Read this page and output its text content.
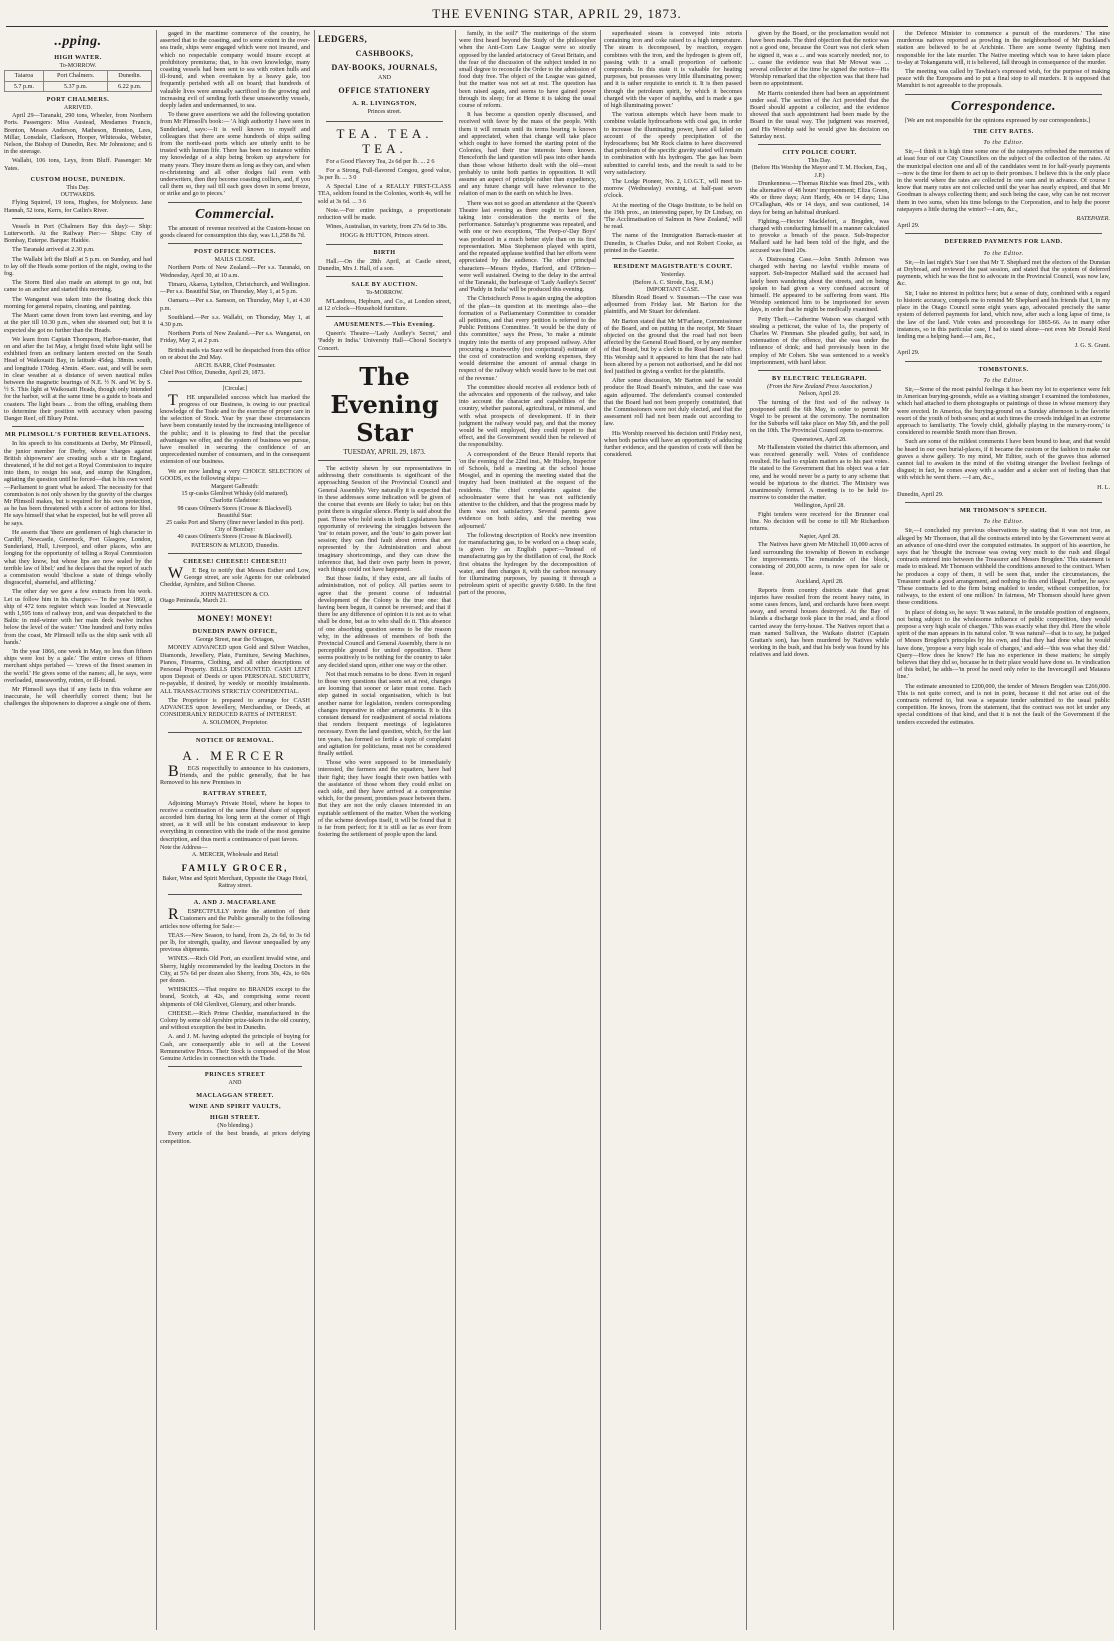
THE EVENING STAR, APRIL 29, 1873.
..pping.
HIGH WATER.
To-MORROW.
Taiaroa	Port Chalmers.	Dunedin.
5.7 p.m.	5.37 p.m.	6.22 p.m.
PORT CHALMERS.
ARRIVED.

April 29—Taranaki, 290 tons, Wheeler, from Northern Ports. Passengers: Miss Austead, Mesdames Francis, Brenton, Messrs Anderson, Matheson, Brunton, Lees, Millar, Lonsdale, Clarkson, Hooper, Whiteoaks, Webster, Nelson, the Bishop of Dunedin, Rev. Mr Johnstone; and 6 in the steerage.

Wallabi, 106 tons, Leys, from Bluff. Passenger: Mr Yates.

CUSTOM HOUSE, DUNEDIN.
This Day.
OUTWARDS.

Flying Squirrel, 19 tons, Hughes, for Molyneux. Jane Hannah, 52 tons, Kerrs, for Catlin's River.

Vessels in Port (Chalmers Bay this day):— Ship: Lutterworth. At the Railway Pier:— Ships: City of Bombay, Euterpe. Barque: Haidée.

The Taranaki arrived at 2.30 p.m.

The Wallabi left the Bluff at 5 p.m. on Sunday, and had to lay off the Heads some portion of the night, owing to the fog.

The Storm Bird also made an attempt to go out, but came to an anchor and started this morning.

The Wanganui was taken into the floating dock this morning for general repairs, cleaning, and painting.

The Maori came down from town last evening, and lay at the pier till 10.30 p.m., when she steamed out; but it is expected she got no further than the Heads.

We learn from Captain Thompson, Harbor-master, that on and after the 1st May, a bright fixed white light will be exhibited from an ordinary lantern erected on the South Head of Waikouaiti Bay, in latitude 45deg. 38min. south, and longitude 170deg. 43min. 45sec. east, and will be seen in clear weather at a distance of seven nautical miles between the magnetic bearings of N.E. ½ N. and W. by S. ½ S. This light at Waikouaiti Heads, though only intended for the harbor, will at the same time be a guide to boats and coasters. The light bears ... from the offing, enabling them to determine their position with accuracy when passing Danger Reef, off Bluey Point.

MR PLIMSOLL'S FURTHER REVELATIONS.

In his speech to his constituents at Derby, Mr Plimsoll, the junior member for Derby, whose 'charges against British shipowners' are creating such a stir in England, threatened, if he did not get a Royal Commission to inquire into them, to resign his seat, and stump the Kingdom, agitating the question until he forced—that is his own word—Parliament to grant what he asked. The necessity for that commission is not only shown by the gravity of the charges Mr Plimsoll makes, but is required for his own protection, as he has been threatened with a score of actions for libel. He says himself that what he expected, but he will prove all he says.

He asserts that 'there are gentlemen of high character in Cardiff, Newcastle, Greenock, Port Glasgow, London, Sunderland, Hull, Liverpool, and other places, who are longing for the opportunity of telling a Royal Commission what they know, but whose lips are now sealed by the terrible law of libel;' and he declares that the report of such a commission would 'disclose a state of things wholly disgraceful, shameful, and afflicting.'

The other day we gave a few extracts from his work. Let us follow him in his charges:— 'In the year 1860, a ship of 472 tons register which was loaded at Newcastle with 1,595 tons of railway iron, and was despatched to the Baltic in mid-winter with her main deck twelve inches below the level of the water:' 'One hundred and forty miles from the coast, Mr Plimsoll tells us the ship sank with all hands.'

'In the year 1866, one week in May, no less than fifteen ships were lost by a gale.' The entire crews of fifteen merchant ships perished — 'crews of the finest seamen in the world.' He gives some of the names; all, he says, were overloaded, unseaworthy, rotten, or ill-found.

Mr Plimsoll says that if any facts in this volume are inaccurate, he will cheerfully correct them; but he challenges the shipowners to disprove a single one of them.

gaged in the maritime commerce of the country, he asserted that to the coasting, and to some extent in the over-sea trade, ships were engaged which were not insured, and which no respectable company would insure except at prohibitory premiums; that, to his own knowledge, many coasting vessels had been sent to sea with rotten hulls and ill-found, and when overtaken by a heavy gale, too frequently perished with all on board; that hundreds of valuable lives were annually sacrificed to the growing and increasing evil of sending forth these unseaworthy vessels, deeply laden and undermanned, to sea.

To these grave assertions we add the following quotation from Mr Plimsoll's book:— 'A high authority I have seen in Sunderland, says:—It is well known to myself and colleagues that there are some hundreds of ships sailing from the north-east ports which are utterly unfit to be trusted with human life. There has been no instance within my knowledge of a ship being broken up anywhere for many years. They insure them as long as they can, and when re-christening and all other dodges fail even with underwriters, then they become coasting colliers, and, if you call them so, they sail till each goes down in some breeze, or strike and go to pieces.'

Commercial.

The amount of revenue received at the Custom-house on goods cleared for consumption this day, was L1,258 8s 7d.

POST OFFICE NOTICES.
MAILS CLOSE.

Northern Ports of New Zealand.—Per s.s. Taranaki, on Wednesday, April 30, at 10 a.m.

Timaru, Akaroa, Lyttelton, Christchurch, and Wellington.—Per s.s. Beautiful Star, on Thursday, May 1, at 5 p.m.

Oamaru.—Per s.s. Samson, on Thursday, May 1, at 4.30 p.m.

Southland.—Per s.s. Wallabi, on Thursday, May 1, at 4.30 p.m.

Northern Ports of New Zealand.—Per s.s. Wanganui, on Friday, May 2, at 2 p.m.

British mails via Suez will be despatched from this office on or about the 2nd May.

ARCH. BARR, Chief Postmaster.
Chief Post Office, Dunedin, April 29, 1873.
[Circular.]

THE unparalleled success which has marked the progress of our Business, is owing to our practical knowledge of the Trade and to the exercise of proper care in the selection of Stock. Year by year these circumstances have been constantly tested by the increasing intelligence of the public; and it is pleasing to find that the peculiar advantages we offer, and the system of business we pursue, have resulted in securing the confidence of an unprecedented number of consumers, and in the consequent extension of our business.

We are now landing a very CHOICE SELECTION of GOODS, ex the following ships:—

Margaret Galbraith:
15 qr-casks Glenlivet Whisky (old matured).
Charlotte Gladstone:
98 cases Oilmen's Stores (Crosse & Blackwell).
Beautiful Star:
25 casks Port and Sherry (finer never landed in this port).
City of Bombay:
40 cases Oilmen's Stores (Crosse & Blackwell).
PATERSON & M'LEOD, Dunedin.
CHEESE! CHEESE!! CHEESE!!!

WE Beg to notify that Messrs Esther and Low, George street, are sole Agents for our celebrated Cheddar, Ayrshire, and Stilton Cheese.

JOHN MATHESON & CO.
Otago Peninsula, March 21.
MONEY! MONEY!
DUNEDIN PAWN OFFICE,
George Street, near the Octagon,

MONEY ADVANCED upon Gold and Silver Watches, Diamonds, Jewellery, Plate, Furniture, Sewing Machines, Pianos, Firearms, Clothing, and all other descriptions of Personal Property. BILLS DISCOUNTED. CASH LENT upon Deposit of Deeds or upon PERSONAL SECURITY, re-payable, if desired, by weekly or monthly instalments. ALL TRANSACTIONS STRICTLY CONFIDENTIAL.

The Proprietor is prepared to arrange for CASH ADVANCES upon Jewellery, Merchandise, or Deeds, at CONSIDERABLY REDUCED RATES of INTEREST.

A. SOLOMON, Proprietor.
NOTICE OF REMOVAL.
A. MERCER

BEGS respectfully to announce to his customers, friends, and the public generally, that he has Removed to his new Premises in

RATTRAY STREET,

Adjoining Murray's Private Hotel, where he hopes to receive a continuation of the same liberal share of support accorded him during his long term at the corner of High street, as it will still be his constant endeavour to keep everything in connection with the trade of the most genuine description, and thus merit a continuance of past favors.

Note the Address—
A. MERCER, Wholesale and Retail
FAMILY GROCER,
Baker, Wine and Spirit Merchant, Opposite the Otago Hotel, Rattray street.
A. AND J. MACFARLANE

RESPECTFULLY invite the attention of their Customers and the Public generally to the following articles now offering for Sale:—

TEAS.—New Season, to hand, from 2s, 2s 6d, to 3s 6d per lb, for strength, quality, and flavour unequalled by any previous shipments.

WINES.—Rich Old Port, an excellent invalid wine, and Sherry, highly recommended by the leading Doctors in the City, at 57s 6d per dozen also Sherry, from 30s, 42s, to 60s per dozen.

WHISKIES.—That require no BRANDS except to the brand, Scotch, at 42s, and comprising some recent shipments of Old Glenlivet, Glenury, and other brands.

CHEESE.—Rich Prime Cheddar, manufactured in the Colony by some old Ayrshire prize-takers in the old country, and without exception the best in Dunedin.

A. and J. M. having adopted the principle of buying for Cash, are consequently able to sell at the Lowest Remunerative Prices. Their Stock is composed of the Most Genuine Articles in connection with the Trade.

PRINCES STREET
AND
MACLAGGAN STREET.
WINE AND SPIRIT VAULTS,
HIGH STREET.
(No blending.)

Every article of the best brands, at prices defying competition.

LEDGERS,
CASHBOOKS,
DAY-BOOKS, JOURNALS,
AND
OFFICE STATIONERY
A. R. LIVINGSTON,
Princes street.
TEA. TEA. TEA.

For a Good Flavory Tea, 2s 6d per lb. ... 2 6

For a Strong, Full-flavored Congou, good value, 3s per lb. ... 3 0

A Special Line of a REALLY FIRST-CLASS TEA, seldom found in the Colonies, worth 4s, will be sold at 3s 6d. ... 3 6

Note.—For entire packings, a proportionate reduction will be made.

Wines, Australian, in variety, from 27s 6d to 38s.

HOGG & HUTTON, Princes street.
BIRTH

Hall.—On the 28th April, at Castle street, Dunedin, Mrs J. Hall, of a son.

SALE BY AUCTION.
To-MORROW.

M'Landress, Hepburn, and Co., at London street, at 12 o'clock—Household furniture.

AMUSEMENTS.—This Evening.

Queen's Theatre—'Lady Audley's Secret,' and 'Paddy in India.' University Hall—Choral Society's Concert.

The Evening Star
TUESDAY, APRIL 29, 1873.

The activity shewn by our representatives in addressing their constituents is significant of the approaching Session of the Provincial Council and General Assembly. Very naturally it is expected that in these addresses some indication will be given of the course that events are likely to take; but on this point there is singular silence. Plenty is said about the past. Those who hold seats in both Legislatures have opportunity of reviewing the struggles between the 'ins' to retain power, and the 'outs' to gain power last session; they can find fault about errors that are represented by the Administration and about imaginary shortcomings, and they can draw the inference that, had their own party been in power, such things could not have happened.

But those faults, if they exist, are all faults of administration, not of policy. All parties seem to agree that the present course of industrial development of the Colony is the true one: that having been begun, it cannot be reversed; and that if there be any difference of opinion it is not as to what shall be done, but as to who shall do it. This absence of one absorbing question seems to be the reason why, in the addresses of members of both the Provincial Council and General Assembly, there is no perceptible ground for united opposition. There seems positively to be nothing for the country to take any decided stand upon, either one way or the other.

Not that much remains to be done. Even in regard to those very questions that seem set at rest, changes are looming that sooner or later must come. Each step gained in social organisation, which is but another name for legislation, renders corresponding changes imperative in other arrangements. It is this constant demand for readjustment of social relations that renders frequent meetings of legislatures necessary. Even the land question, which, for the last ten years, has formed so fertile a topic of complaint and agitation for politicians, must not be considered finally settled.

Those who were supposed to be immediately interested, the farmers and the squatters, have had their fight; they have fought their own battles with the assistance of those whom they could enlist on each side, and they have arrived at a compromise which, for the present, promises peace between them. But they are not the only classes interested in an equitable settlement of the matter. When the working of the scheme develops itself, it will be found that it is far from perfect; for it is still as far as ever from fostering the settlement of people upon the land.

family, in the soil?' The mutterings of the storm were first heard beyond the Study of the philosopher when the Anti-Corn Law League were so stoutly opposed by the landed aristocracy of Great Britain, and the fear of the discussion of the subject tended in no small degree to reconcile the Order to the admission of food duty free. The object of the League was gained, but the matter was not set at rest. The question has been raised again, and seems to have gained power through its sleep; for at Home it is taking the usual course of reform.

It has become a question openly discussed, and received with favor by the mass of the people. With them it will remain until its terms bearing is known and appreciated, when that change will take place which ought to have formed the starting point of the Colonies, had their true interests been known. Henceforth the land question will pass into other hands than those whose hitherto dealt with the old—most probably to unite both parties in opposition. It will assume an aspect of principle rather than expediency, and any future change will have relevance to the relation of man to the earth on which he lives.

There was not so good an attendance at the Queen's Theatre last evening as there ought to have been, taking into consideration the merits of the performance. Saturday's programme was repeated, and with one or two exceptions, 'The Peep-o'-Day Boys' was produced in a much better style than on its first representation. Miss Stephenson played with spirit, and the repeated applause testified that her efforts were appreciated by the audience. The other principal characters—Messrs Hydes, Harford, and O'Brien—were well sustained. Owing to the delay in the arrival of the Taranaki, the burlesque of 'Lady Audley's Secret' and 'Paddy in India' will be produced this evening.

The Christchurch Press is again urging the adoption of the plan—in question at its meetings also—the formation of a Parliamentary Committee to consider all petitions, and that every petition is referred to the Public Petitions Committee. 'It would be the duty of this committee,' says the Press, 'to make a minute inquiry into the merits of any proposed railway. After procuring a trustworthy (not conjectural) estimate of the cost of construction and working expenses, they would determine the amount of annual charge in respect of the railway which would have to be met out of the revenue.'

The committee should receive all evidence both of the advocates and opponents of the railway, and take into account the character and capabilities of the country, whether pastoral, agricultural, or mineral, and with what prospects of development. If in their judgment the railway would pay, and that the money would be well employed, they could report to that effect, and the Government would then be relieved of the responsibility.

A correspondent of the Bruce Herald reports that 'on the evening of the 22nd inst., Mr Hislop, Inspector of Schools, held a meeting at the school house Mosgiel, and in opening the meeting stated that the inquiry had been instituted at the request of the residents. The chief complaints against the schoolmaster were that he was not sufficiently attentive to the children, and that the progress made by them was not satisfactory. Several parents gave evidence on both sides, and the meeting was adjourned.'

The following description of Rock's new invention for manufacturing gas, to be worked on a cheap scale, is given by an English paper:—'Instead of manufacturing gas by the distillation of coal, the Rock first obtains the hydrogen by the decomposition of water, and then changes it, with the carbon necessary for illuminating purposes, by passing it through a petroleum spirit of specific gravity 0.680. In the first part of the process,

superheated steam is conveyed into retorts containing iron and coke raised to a high temperature. The steam is decomposed, by reaction, oxygen combines with the iron, and the hydrogen is given off, passing with it a small proportion of carbonic compounds. In this state it is valuable for heating purposes, but possesses very little illuminating power; and it is rather requisite to enrich it. It is then passed through the petroleum spirit, by which it becomes charged with the vapor of naphtha, and is made a gas of high illuminating power.'

The various attempts which have been made to combine volatile hydrocarbons with coal gas, in order to increase the illuminating power, have all failed on account of the speedy precipitation of the hydrocarbons; but Mr Rock claims to have discovered that petroleum of the specific gravity stated will remain in combination with his hydrogen. The gas has been submitted to careful tests, and the result is said to be very satisfactory.

The Lodge Pioneer, No. 2, I.O.G.T., will meet to-morrow (Wednesday) evening, at half-past seven o'clock.

At the meeting of the Otago Institute, to be held on the 19th prox., an interesting paper, by Dr Lindsay, on 'The Acclimatisation of Salmon in New Zealand,' will be read.

The name of the Immigration Barrack-master at Dunedin, is Charles Duke, and not Robert Cooke, as printed in the Gazette.

RESIDENT MAGISTRATE'S COURT.
Yesterday.
(Before A. C. Strode, Esq., R.M.)
IMPORTANT CASE.

Bluesdin Road Board v. Sussman.—The case was adjourned from Friday last. Mr Barton for the plaintiffs, and Mr Stuart for defendant.

Mr Barton stated that Mr M'Farlane, Commissioner of the Board, and on putting in the receipt, Mr Stuart objected on the ground that the road had not been affected by the General Road Board, or by any member of that Board, but by a clerk in the Road Board office. His Worship said it appeared to him that the rate had been altered by a person not authorised, and he did not feel justified in giving a verdict for the plaintiffs.

After some discussion, Mr Barton said he would produce the Road Board's minutes, and the case was again adjourned. The defendant's counsel contended that the Board had not been properly constituted, that the Commissioners were not duly elected, and that the assessment roll had not been made out according to law.

His Worship reserved his decision until Friday next, when both parties will have an opportunity of adducing further evidence, and the question of costs will then be considered.

given by the Board, or the proclamation would not have been made. The third objection that the notice was not a good one, because the Court was not clerk when he signed it, was a ... and was scarcely needed; nor, to ... cause the evidence was that Mr Mowat was ... several collector at the time he signed the notice—His Worship remarked that the objection was that there had been no appointment.

Mr Harris contended there had been an appointment under seal. The section of the Act provided that the Board should appoint a collector, and the evidence showed that such appointment had been made by the Board in the usual way. The judgment was reserved, and His Worship said he would give his decision on Saturday next.

CITY POLICE COURT.
This Day.
(Before His Worship the Mayor and T. M. Hocken, Esq., J.P.)

Drunkenness.—Thomas Ritchie was fined 20s., with the alternative of 48 hours' imprisonment; Eliza Green, 40s or three days; Ann Hardy, 40s or 14 days; Lisa O'Callaghan, 40s or 14 days, and was cautioned, 14 days for being an habitual drunkard.

Fighting.—Hector Macklefort, a Brogden, was charged with conducting himself in a manner calculated to provoke a breach of the peace. Sub-Inspector Mallard said he had been told of the fight, and the accused was fined 20s.

A Distressing Case.—John Smith Johnson was charged with having no lawful visible means of support. Sub-Inspector Mallard said the accused had lately been wandering about the streets, and on being spoken to had given a very confused account of himself. He appeared to be suffering from want. His Worship sentenced him to be imprisoned for seven days, in order that he might be medically examined.

Petty Theft.—Catherine Watson was charged with stealing a petticoat, the value of 1s, the property of Charles W. Finnman. She pleaded guilty, but said, in extenuation of the offence, that she was under the influence of drink; and had previously been in the employ of Mr Cohen. She was sentenced to a week's imprisonment, with hard labor.

BY ELECTRIC TELEGRAPH.
(From the New Zealand Press Association.)
Nelson, April 29.

The turning of the first sod of the railway is postponed until the 6th May, in order to permit Mr Vogel to be present at the ceremony. The nomination for the Suburbs will take place on May 5th, and the poll on the 10th. The Provincial Council opens to-morrow.

Queenstown, April 28.

Mr Hallenstein visited the district this afternoon, and was received generally well. Votes of confidence resulted. He had to explain matters as to his past votes. He stated to the Government that his object was a fair one, and he would never be a party to any scheme that would be injurious to the district. The Ministry was unanimously formed. A meeting is to be held to-morrow to consider the matter.

Wellington, April 28.

Fight tenders were received for the Brunner coal line. No decision will be come to till Mr Richardson returns.

Napier, April 28.

The Natives have given Mr Mitchell 10,000 acres of land surrounding the township of Bowen in exchange for improvements. The remainder of the block, consisting of 200,000 acres, is now open for sale or lease.

Auckland, April 28.

Reports from country districts state that great injuries have resulted from the recent heavy rains, in some cases fences, land, and orchards have been swept away, and several houses destroyed. At the Bay of Islands a discharge took place in the road, and a flood carried away the ferry-house. The Natives report that a man named Sullivan, the Waikato district (Captain Grattan's son), has been murdered by Natives while working in the bush, and that his body was found by his relatives and laid down.

the Defence Minister to commence a pursuit of the murderers.' The nine murderous natives reported as prowling in the neighbourhood of Mr Buckland's station are believed to be at Arichinie. There are some twenty fighting men responsible for the late murder. The Native meeting which was to have taken place to-day at Tokanganutu will, it is believed, fall through in consequence of the murder.

The meeting was called by Tawhiao's expressed wish, for the purpose of making peace with the Europeans and to put a final stop to all murders. It is supposed that Manuhiri is not agreeable to the proposals.

Correspondence.

[We are not responsible for the opinions expressed by our correspondents.]

THE CITY RATES.
To the Editor.

Sir,—I think it is high time some one of the ratepayers refreshed the memories of at least four of our City Councillors on the subject of the collection of the rates. At the municipal election one and all of the candidates went in for half-yearly payments —now is the time for them to act up to their promises. I believe this is the only place in the world where the rates are collected in one sum and in advance. Of course I know that many rates are not collected until the year has nearly expired, and that Mr Goodman is always collecting them; and such being the case, why can he not recover them in two sums, when his time belongs to the Corporation, and to help the poorer ratepayers a little during the winter?—I am, &c.,

RATEPAYER.
April 29.
DEFERRED PAYMENTS FOR LAND.
To the Editor.

Sir,—In last night's Star I see that Mr T. Shephard met the electors of the Dunstan at Drybread, and reviewed the past session, and stated that the system of deferred payments, which he was the first to advocate in the Provincial Council, was now law, &c.

Sir, I take no interest in politics here; but a sense of duty, combined with a regard to historic accuracy, compels me to remind Mr Shephard and his friends that I, in my place in the Otago Council some eight years ago, advocated precisely the same system of deferred payments for land, which now, after such a long lapse of time, is the law of the land. Vide votes and proceedings for 1865-66. As in many other instances, so in this particular case, I had to stand alone—not even Mr Donald Reid lending me a helping hand.—I am, &c.,

J. G. S. Grant.
April 29.
TOMBSTONES.
To the Editor.

Sir,—Some of the most painful feelings it has been my lot to experience were felt in American burying-grounds, while as a visiting stranger I examined the tombstones, which had attached to them photographs or paintings of those in whose memory they were erected. In America, the burying-ground on a Sunday afternoon is the favorite resort of the youth of both sexes; and at such times the crowds indulged in an extreme approach to familiarity. The 'lovely child, globally playing in the nursery-room,' is considered to resemble Smith more than Brown.

Such are some of the mildest comments I have been bound to hear, and that would be heard in our own burial-places, if it became the custom or the fashion to make our graves a show gallery. To my mind, Mr Editor, such of the graves thus adorned cannot fail to awaken in the mind of the visiting stranger the liveliest feelings of disgust; in fact, he comes away with a sadder and a sicker sort of feeling than that with which he went there. —I am, &c.,

H. L.
Dunedin, April 29.
MR THOMSON'S SPEECH.
To the Editor.

Sir,—I concluded my previous observations by stating that it was not true, as alleged by Mr Thomson, that all the contracts entered into by the Government were at an advance of one-third over the computed estimates. In support of his assertion, he says that he 'thought the increase was owing very much to the rush and illegal contracts entered into between the Treasurer and Messrs Brogden.' This statement is made to mislead. Mr Thomson withheld the conditions annexed to the contract. When he produces a copy of them, it will be seen that, under the circumstances, the Treasurer made a good arrangement, and nothing to this end illegal. Further, he says: 'These contracts led to the firm being enabled to tender, without competition, for railways, to the extent of one million.' In fairness, Mr Thomson should have given these conditions.

In place of doing so, he says: 'It was natural, in the unstable position of engineers, not being subject to the wholesome influence of public competition, they would propose a very high scale of charges.' This was exactly what they did. Here the whole spirit of the man appears in its natural color. 'It was natural'—that is to say, he judged of Messrs Brogden's principles by his own, and that they had done what he would have done, 'propose a very high scale of charges,' and add—'this was what they did.' Query—How does he know? He has no experience in these matters; he simply believes that they did so, because he in their place would have done so. In vindication of this belief, he adds—'in proof he need only refer to the Invercargill and Mataura line.'

The estimate amounted to £200,000, the tender of Messrs Brogden was £266,000. This is not quite correct, and is not in point, because it did not arise out of the contracts referred to, but was a separate tender submitted to the usual public competition. He knows, from the statement, that the contract was not let under any special conditions of that kind, and that it is not the fault of the Government if the tenders exceeded the estimates.
